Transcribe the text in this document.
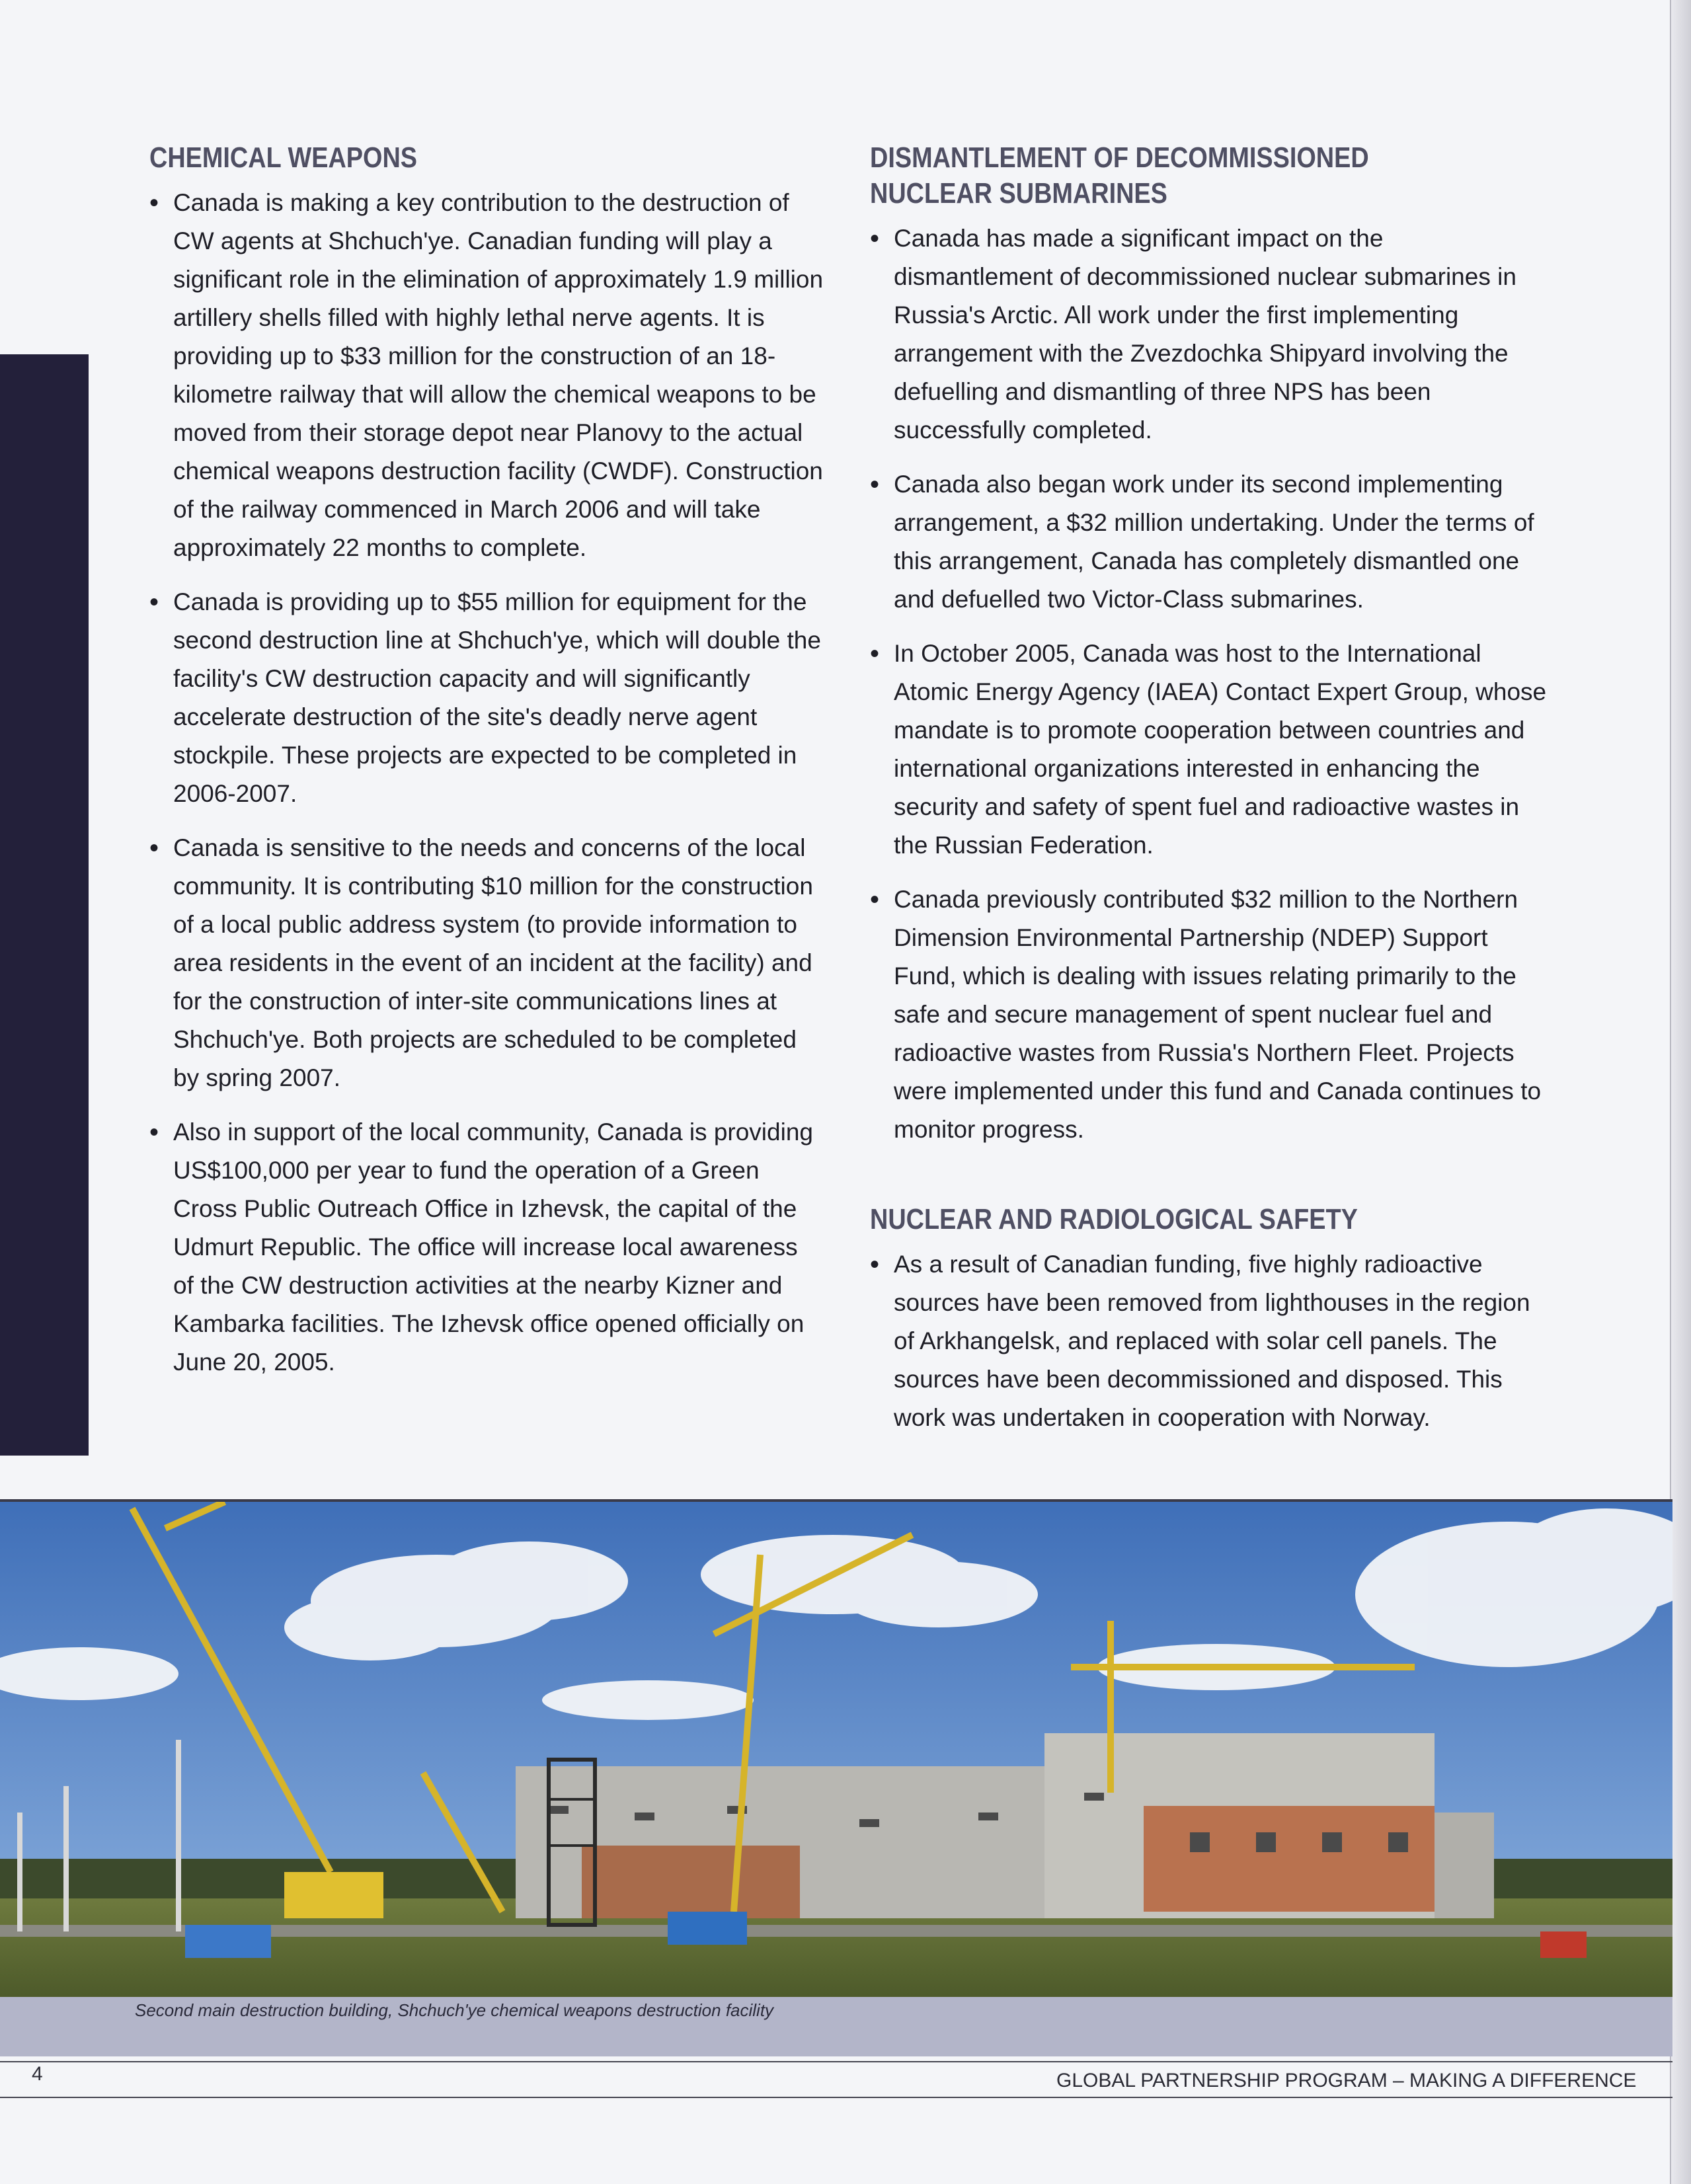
CHEMICAL WEAPONS
• Canada is making a key contribution to the destruction of CW agents at Shchuch'ye. Canadian funding will play a significant role in the elimination of approximately 1.9 million artillery shells filled with highly lethal nerve agents. It is providing up to $33 million for the construction of an 18-kilometre railway that will allow the chemical weapons to be moved from their storage depot near Planovy to the actual chemical weapons destruction facility (CWDF). Construction of the railway commenced in March 2006 and will take approximately 22 months to complete.
• Canada is providing up to $55 million for equipment for the second destruction line at Shchuch'ye, which will double the facility's CW destruction capacity and will significantly accelerate destruction of the site's deadly nerve agent stockpile. These projects are expected to be completed in 2006-2007.
• Canada is sensitive to the needs and concerns of the local community. It is contributing $10 million for the construction of a local public address system (to provide information to area residents in the event of an incident at the facility) and for the construction of inter-site communications lines at Shchuch'ye. Both projects are scheduled to be completed by spring 2007.
• Also in support of the local community, Canada is providing US$100,000 per year to fund the operation of a Green Cross Public Outreach Office in Izhevsk, the capital of the Udmurt Republic. The office will increase local awareness of the CW destruction activities at the nearby Kizner and Kambarka facilities. The Izhevsk office opened officially on June 20, 2005.
DISMANTLEMENT OF DECOMMISSIONED
NUCLEAR SUBMARINES
• Canada has made a significant impact on the dismantlement of decommissioned nuclear submarines in Russia's Arctic. All work under the first implementing arrangement with the Zvezdochka Shipyard involving the defuelling and dismantling of three NPS has been successfully completed.
• Canada also began work under its second implementing arrangement, a $32 million undertaking. Under the terms of this arrangement, Canada has completely dismantled one and defuelled two Victor-Class submarines.
• In October 2005, Canada was host to the International Atomic Energy Agency (IAEA) Contact Expert Group, whose mandate is to promote cooperation between countries and international organizations interested in enhancing the security and safety of spent fuel and radioactive wastes in the Russian Federation.
• Canada previously contributed $32 million to the Northern Dimension Environmental Partnership (NDEP) Support Fund, which is dealing with issues relating primarily to the safe and secure management of spent nuclear fuel and radioactive wastes from Russia's Northern Fleet. Projects were implemented under this fund and Canada continues to monitor progress.
NUCLEAR AND RADIOLOGICAL SAFETY
• As a result of Canadian funding, five highly radioactive sources have been removed from lighthouses in the region of Arkhangelsk, and replaced with solar cell panels. The sources have been decommissioned and disposed. This work was undertaken in cooperation with Norway.
Second main destruction building, Shchuch'ye chemical weapons destruction facility
4	GLOBAL PARTNERSHIP PROGRAM – MAKING A DIFFERENCE
